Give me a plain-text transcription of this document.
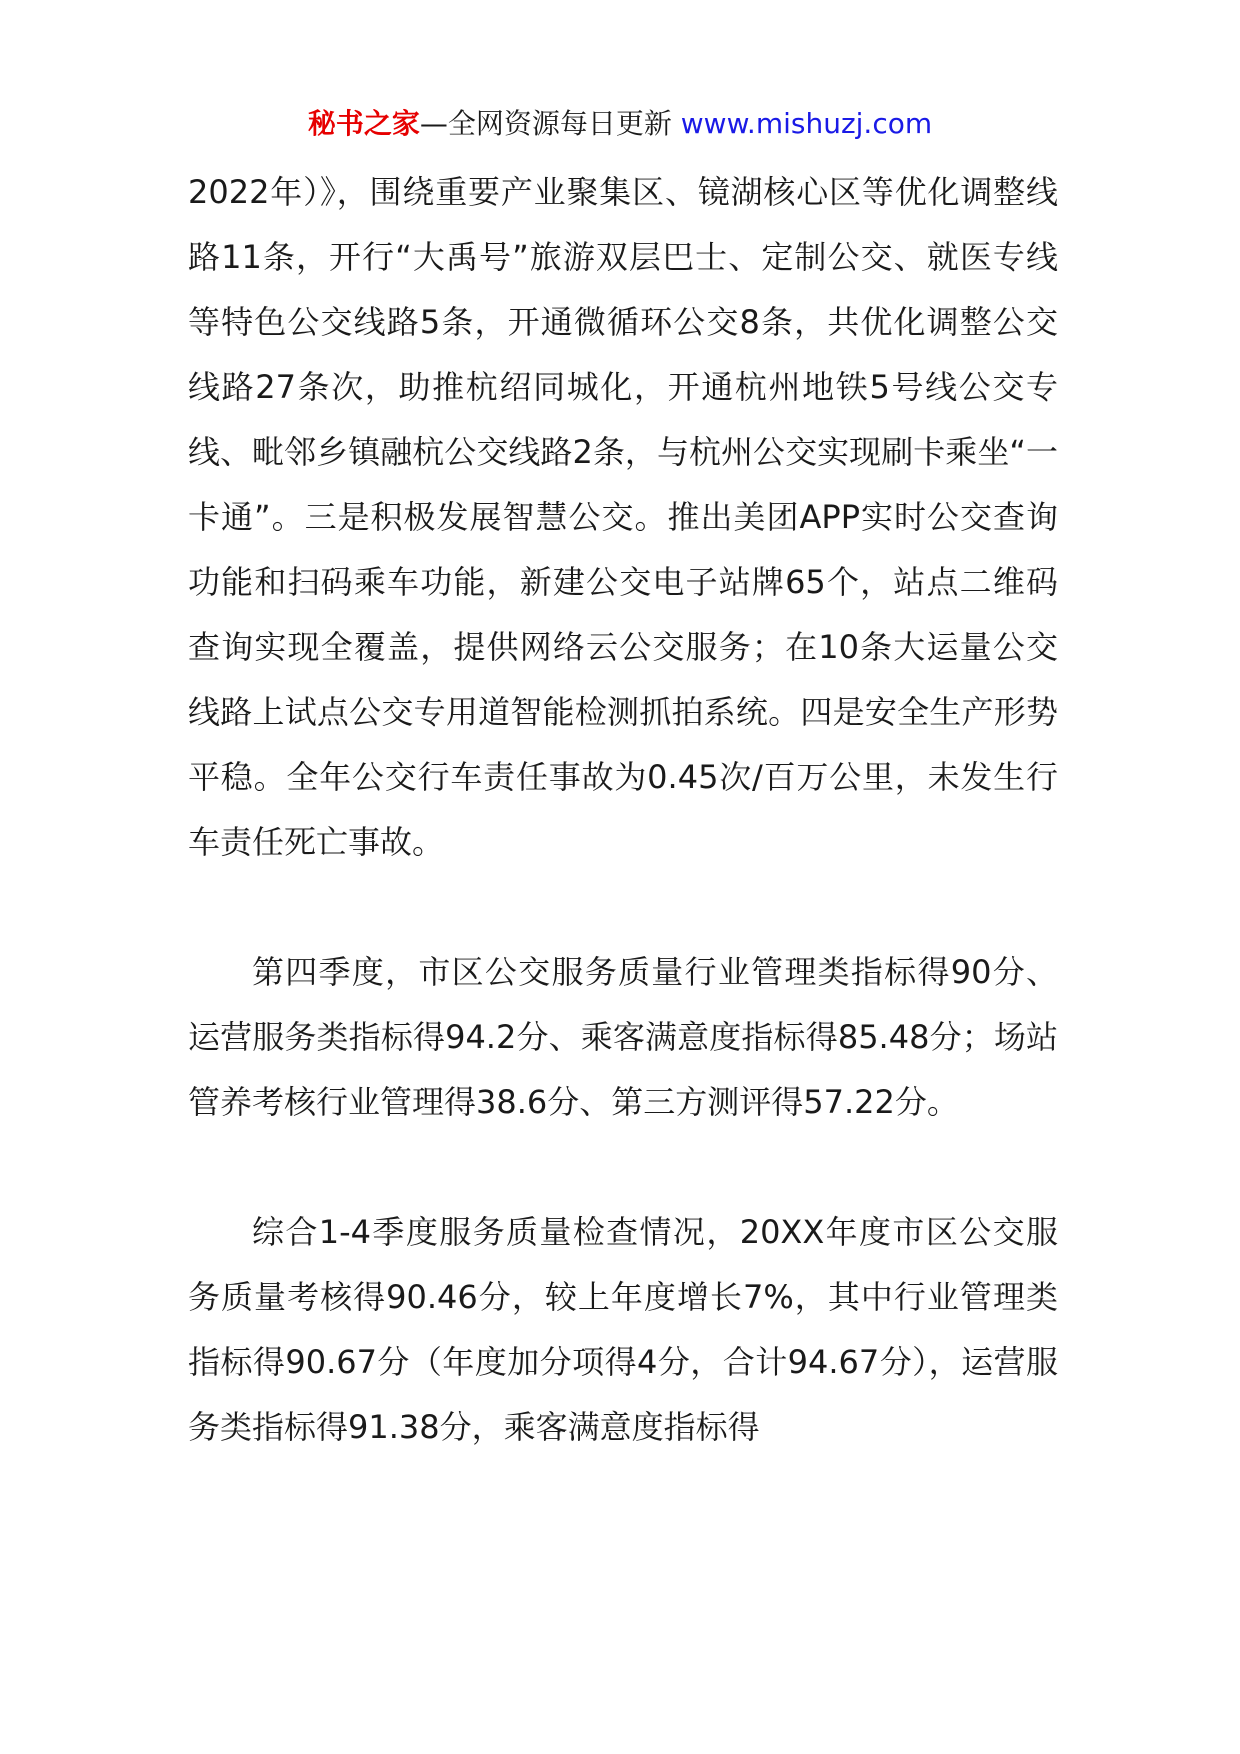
秘书之家—全网资源每日更新 www.mishuzj.com

2022年）》，围绕重要产业聚集区、镜湖核心区等优化调整线路11条，开行“大禹号”旅游双层巴士、定制公交、就医专线等特色公交线路5条，开通微循环公交8条，共优化调整公交线路27条次，助推杭绍同城化，开通杭州地铁5号线公交专线、毗邻乡镇融杭公交线路2条，与杭州公交实现刷卡乘坐“一卡通”。三是积极发展智慧公交。推出美团APP实时公交查询功能和扫码乘车功能，新建公交电子站牌65个，站点二维码查询实现全覆盖，提供网络云公交服务；在10条大运量公交线路上试点公交专用道智能检测抓拍系统。四是安全生产形势平稳。全年公交行车责任事故为0.45次/百万公里，未发生行车责任死亡事故。

第四季度，市区公交服务质量行业管理类指标得90分、运营服务类指标得94.2分、乘客满意度指标得85.48分；场站管养考核行业管理得38.6分、第三方测评得57.22分。

综合1-4季度服务质量检查情况，20XX年度市区公交服务质量考核得90.46分，较上年度增长7%，其中行业管理类指标得90.67分（年度加分项得4分，合计94.67分），运营服务类指标得91.38分，乘客满意度指标得
